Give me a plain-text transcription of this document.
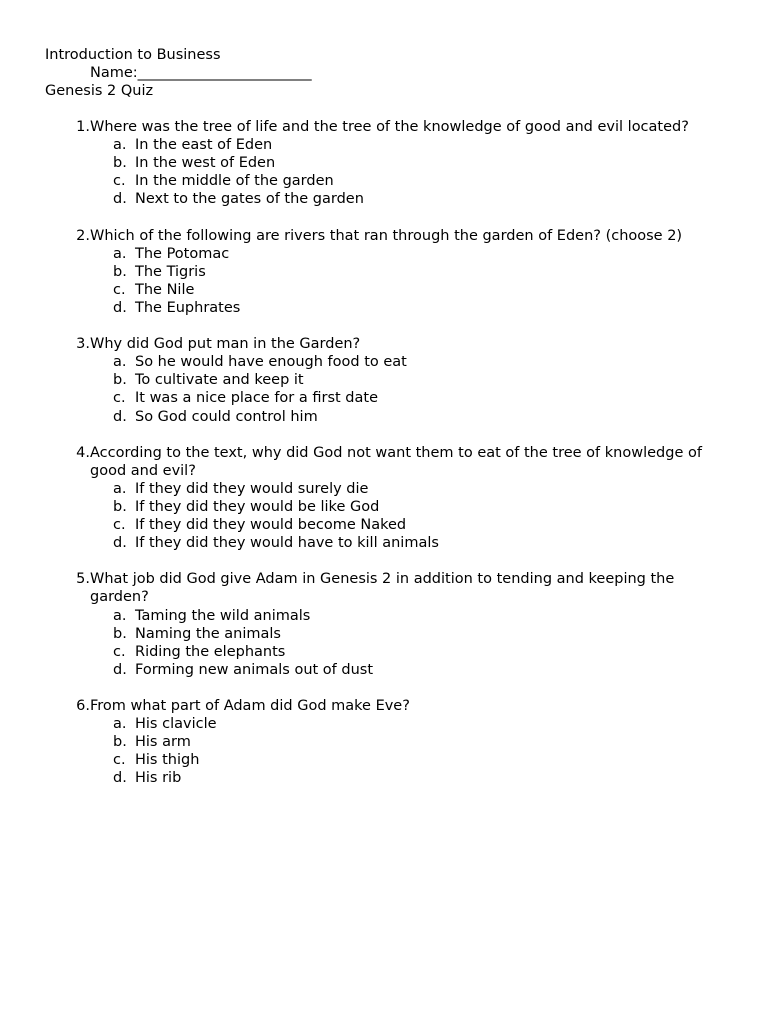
Introduction to Business
Name:________________________
Genesis 2 Quiz
1. Where was the tree of life and the tree of the knowledge of good and evil located?
a. In the east of Eden
b. In the west of Eden
c. In the middle of the garden
d. Next to the gates of the garden
2. Which of the following are rivers that ran through the garden of Eden? (choose 2)
a. The Potomac
b. The Tigris
c. The Nile
d. The Euphrates
3. Why did God put man in the Garden?
a. So he would have enough food to eat
b. To cultivate and keep it
c. It was a nice place for a first date
d. So God could control him
4. According to the text, why did God not want them to eat of the tree of knowledge of good and evil?
a. If they did they would surely die
b. If they did they would be like God
c. If they did they would become Naked
d. If they did they would have to kill animals
5. What job did God give Adam in Genesis 2 in addition to tending and keeping the garden?
a. Taming the wild animals
b. Naming the animals
c. Riding the elephants
d. Forming new animals out of dust
6. From what part of Adam did God make Eve?
a. His clavicle
b. His arm
c. His thigh
d. His rib
